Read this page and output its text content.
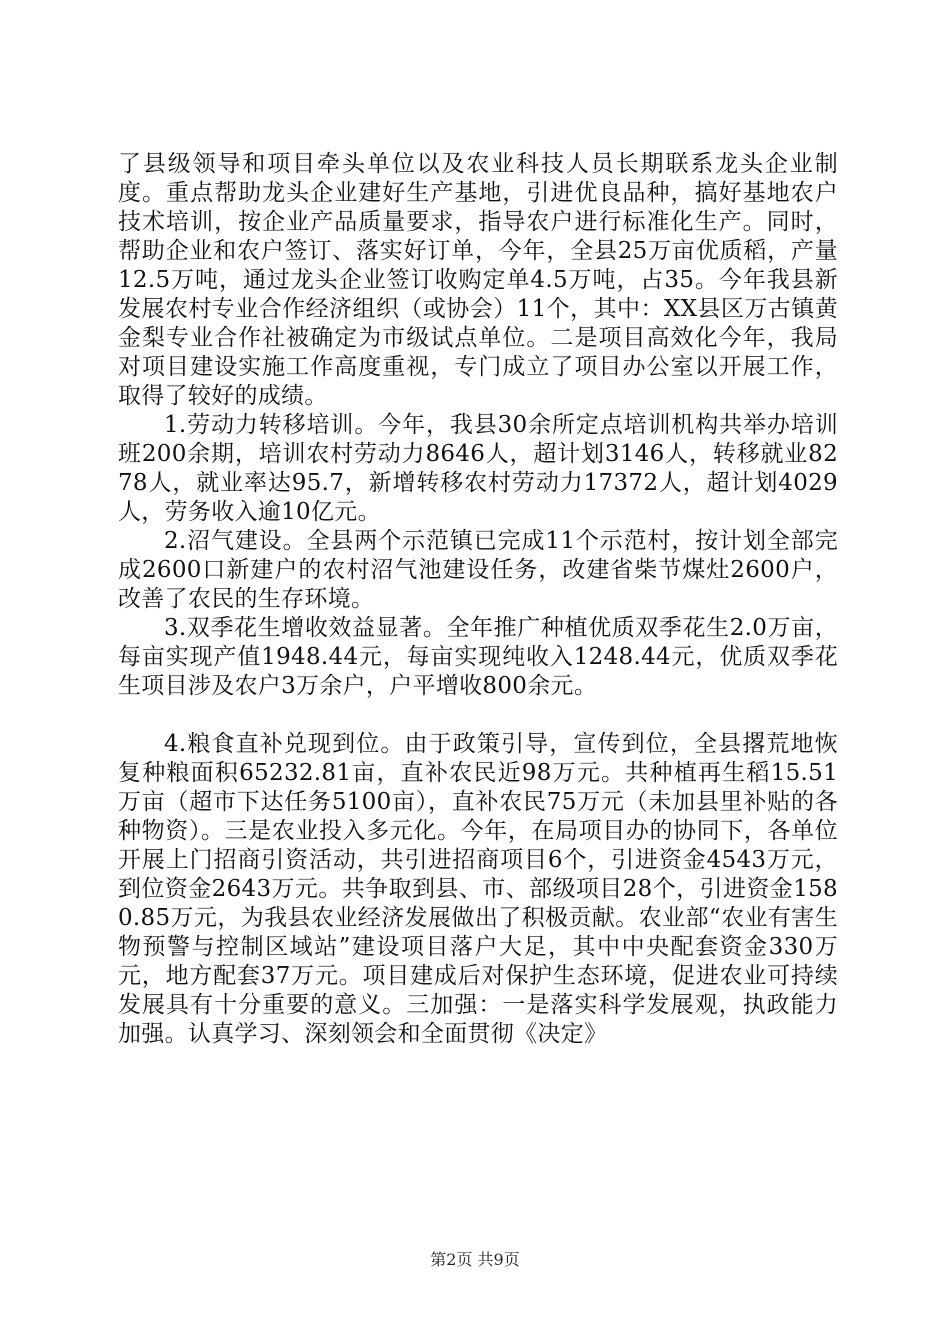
了县级领导和项目牵头单位以及农业科技人员长期联系龙头企业制度。重点帮助龙头企业建好生产基地，引进优良品种，搞好基地农户技术培训，按企业产品质量要求，指导农户进行标准化生产。同时，帮助企业和农户签订、落实好订单，今年，全县25万亩优质稻，产量12.5万吨，通过龙头企业签订收购定单4.5万吨，占35。今年我县新发展农村专业合作经济组织（或协会）11个，其中：XX县区万古镇黄金梨专业合作社被确定为市级试点单位。二是项目高效化今年，我局对项目建设实施工作高度重视，专门成立了项目办公室以开展工作，取得了较好的成绩。

1.劳动力转移培训。今年，我县30余所定点培训机构共举办培训班200余期，培训农村劳动力8646人，超计划3146人，转移就业8278人，就业率达95.7，新增转移农村劳动力17372人，超计划4029人，劳务收入逾10亿元。

2.沼气建设。全县两个示范镇已完成11个示范村，按计划全部完成2600口新建户的农村沼气池建设任务，改建省柴节煤灶2600户，改善了农民的生存环境。

3.双季花生增收效益显著。全年推广种植优质双季花生2.0万亩，每亩实现产值1948.44元，每亩实现纯收入1248.44元，优质双季花生项目涉及农户3万余户，户平增收800余元。

4.粮食直补兑现到位。由于政策引导，宣传到位，全县撂荒地恢复种粮面积65232.81亩，直补农民近98万元。共种植再生稻15.51万亩（超市下达任务5100亩），直补农民75万元（未加县里补贴的各种物资）。三是农业投入多元化。今年，在局项目办的协同下，各单位开展上门招商引资活动，共引进招商项目6个，引进资金4543万元，到位资金2643万元。共争取到县、市、部级项目28个，引进资金1580.85万元，为我县农业经济发展做出了积极贡献。农业部“农业有害生物预警与控制区域站”建设项目落户大足，其中中央配套资金330万元，地方配套37万元。项目建成后对保护生态环境，促进农业可持续发展具有十分重要的意义。三加强：一是落实科学发展观，执政能力加强。认真学习、深刻领会和全面贯彻《决定》

第2页 共9页
